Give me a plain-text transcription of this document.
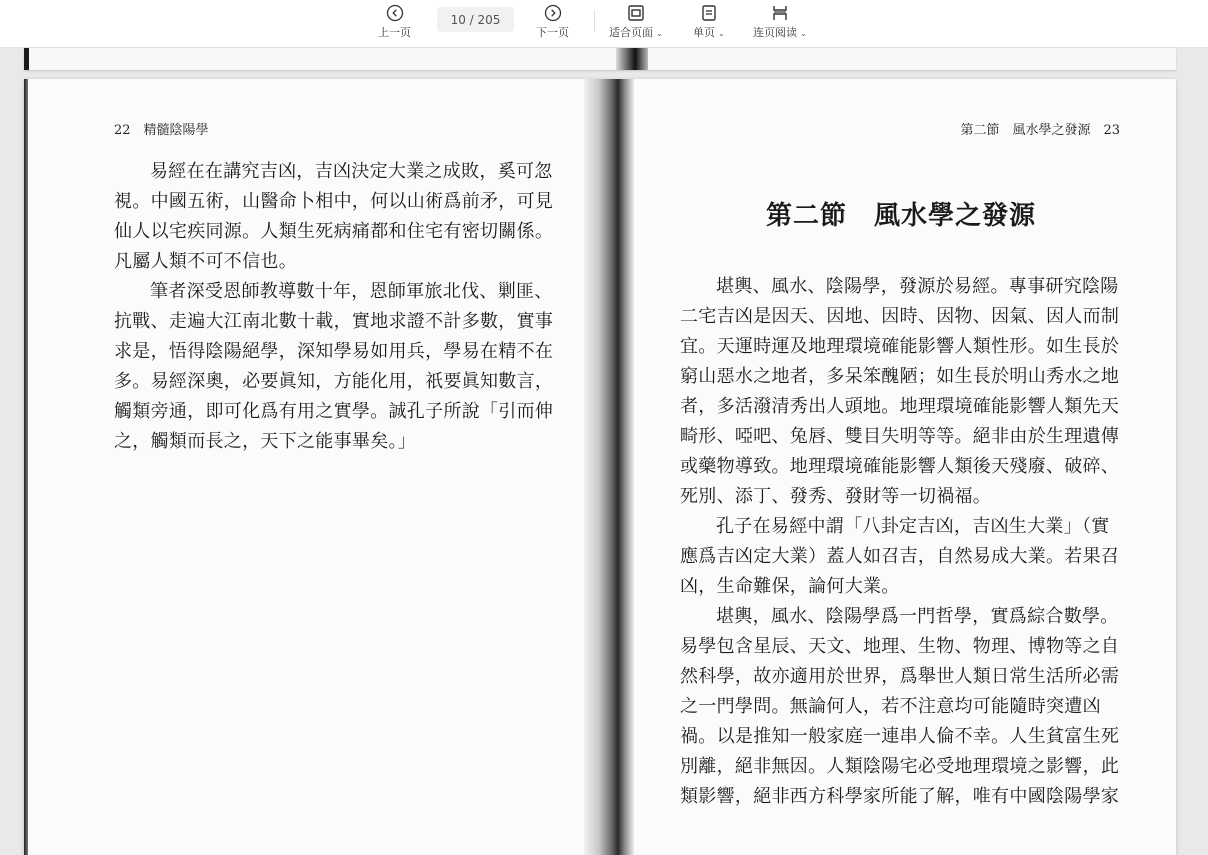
上一页
10 / 205
下一页	适合页面 ⌄	单页 ⌄	连页阅读 ⌄
22　精髓陰陽學

易經在在講究吉凶，吉凶決定大業之成敗，奚可忽視。中國五術，山醫命卜相中，何以山術爲前矛，可見仙人以宅疾同源。人類生死病痛都和住宅有密切關係。凡屬人類不可不信也。

筆者深受恩師教導數十年，恩師軍旅北伐、剿匪、抗戰、走遍大江南北數十載，實地求證不計多數，實事求是，悟得陰陽絕學，深知學易如用兵，學易在精不在多。易經深奧，必要眞知，方能化用，祇要眞知數言，觸類旁通，即可化爲有用之實學。誠孔子所說「引而伸之，觸類而長之，天下之能事畢矣。」

第二節　風水學之發源　23
第二節　風水學之發源

堪輿、風水、陰陽學，發源於易經。專事研究陰陽二宅吉凶是因天、因地、因時、因物、因氣、因人而制宜。天運時運及地理環境確能影響人類性形。如生長於窮山惡水之地者，多呆笨醜陋；如生長於明山秀水之地者，多活潑清秀出人頭地。地理環境確能影響人類先天畸形、啞吧、兔唇、雙目失明等等。絕非由於生理遺傳或藥物導致。地理環境確能影響人類後天殘廢、破碎、死別、添丁、發秀、發財等一切禍福。

孔子在易經中謂「八卦定吉凶，吉凶生大業」（實應爲吉凶定大業）蓋人如召吉，自然易成大業。若果召凶，生命難保，論何大業。

堪輿，風水、陰陽學爲一門哲學，實爲綜合數學。易學包含星辰、天文、地理、生物、物理、博物等之自然科學，故亦適用於世界，爲舉世人類日常生活所必需之一門學問。無論何人，若不注意均可能隨時突遭凶禍。以是推知一般家庭一連串人倫不幸。人生貧富生死別離，絕非無因。人類陰陽宅必受地理環境之影響，此類影響，絕非西方科學家所能了解，唯有中國陰陽學家
